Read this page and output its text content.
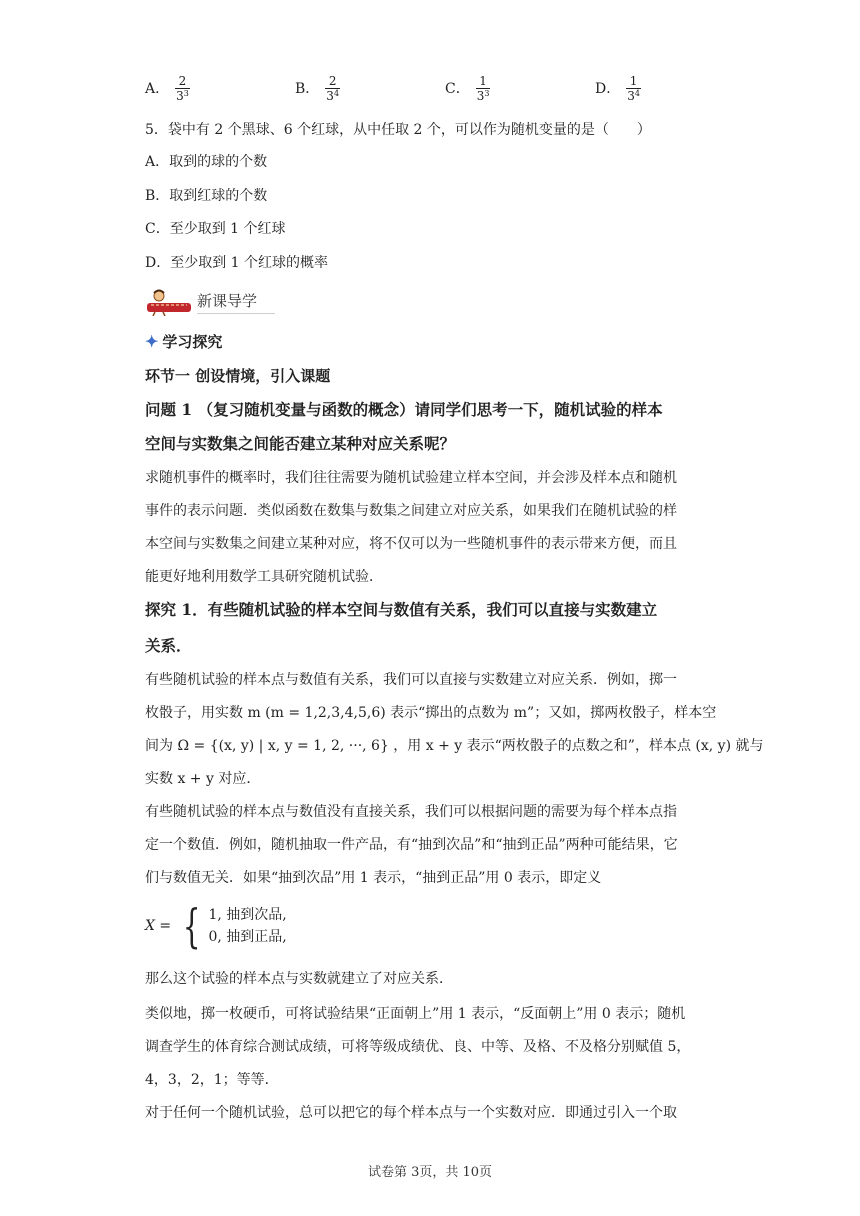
A． $\frac{2}{3^3}$	B． $\frac{2}{3^4}$	C． $\frac{1}{3^3}$	D． $\frac{1}{3^4}$
5．袋中有 2 个黑球、6 个红球，从中任取 2 个，可以作为随机变量的是（　　）
A．取到的球的个数
B．取到红球的个数
C．至少取到 1 个红球
D．至少取到 1 个红球的概率
新课导学
✦ 学习探究
环节一 创设情境，引入课题
问题 1 （复习随机变量与函数的概念）请同学们思考一下，随机试验的样本
空间与实数集之间能否建立某种对应关系呢？
求随机事件的概率时，我们往往需要为随机试验建立样本空间，并会涉及样本点和随机
事件的表示问题．类似函数在数集与数集之间建立对应关系，如果我们在随机试验的样
本空间与实数集之间建立某种对应，将不仅可以为一些随机事件的表示带来方便，而且
能更好地利用数学工具研究随机试验．
探究 1．有些随机试验的样本空间与数值有关系，我们可以直接与实数建立
关系．
有些随机试验的样本点与数值有关系，我们可以直接与实数建立对应关系．例如，掷一
枚骰子，用实数 m (m = 1,2,3,4,5,6) 表示“掷出的点数为 m”；又如，掷两枚骰子，样本空
间为 Ω = {(x, y) | x, y = 1, 2, ···, 6} ，用 x + y 表示“两枚骰子的点数之和”，样本点 (x, y) 就与
实数 x + y 对应．
有些随机试验的样本点与数值没有直接关系，我们可以根据问题的需要为每个样本点指
定一个数值．例如，随机抽取一件产品，有“抽到次品”和“抽到正品”两种可能结果，它
们与数值无关．如果“抽到次品”用 1 表示，“抽到正品”用 0 表示，即定义
X = { 1, 抽到次品,
0, 抽到正品,
那么这个试验的样本点与实数就建立了对应关系．
类似地，掷一枚硬币，可将试验结果“正面朝上”用 1 表示，“反面朝上”用 0 表示；随机
调查学生的体育综合测试成绩，可将等级成绩优、良、中等、及格、不及格分别赋值 5，
4，3，2，1；等等．
对于任何一个随机试验，总可以把它的每个样本点与一个实数对应．即通过引入一个取
试卷第 3页，共 10页
